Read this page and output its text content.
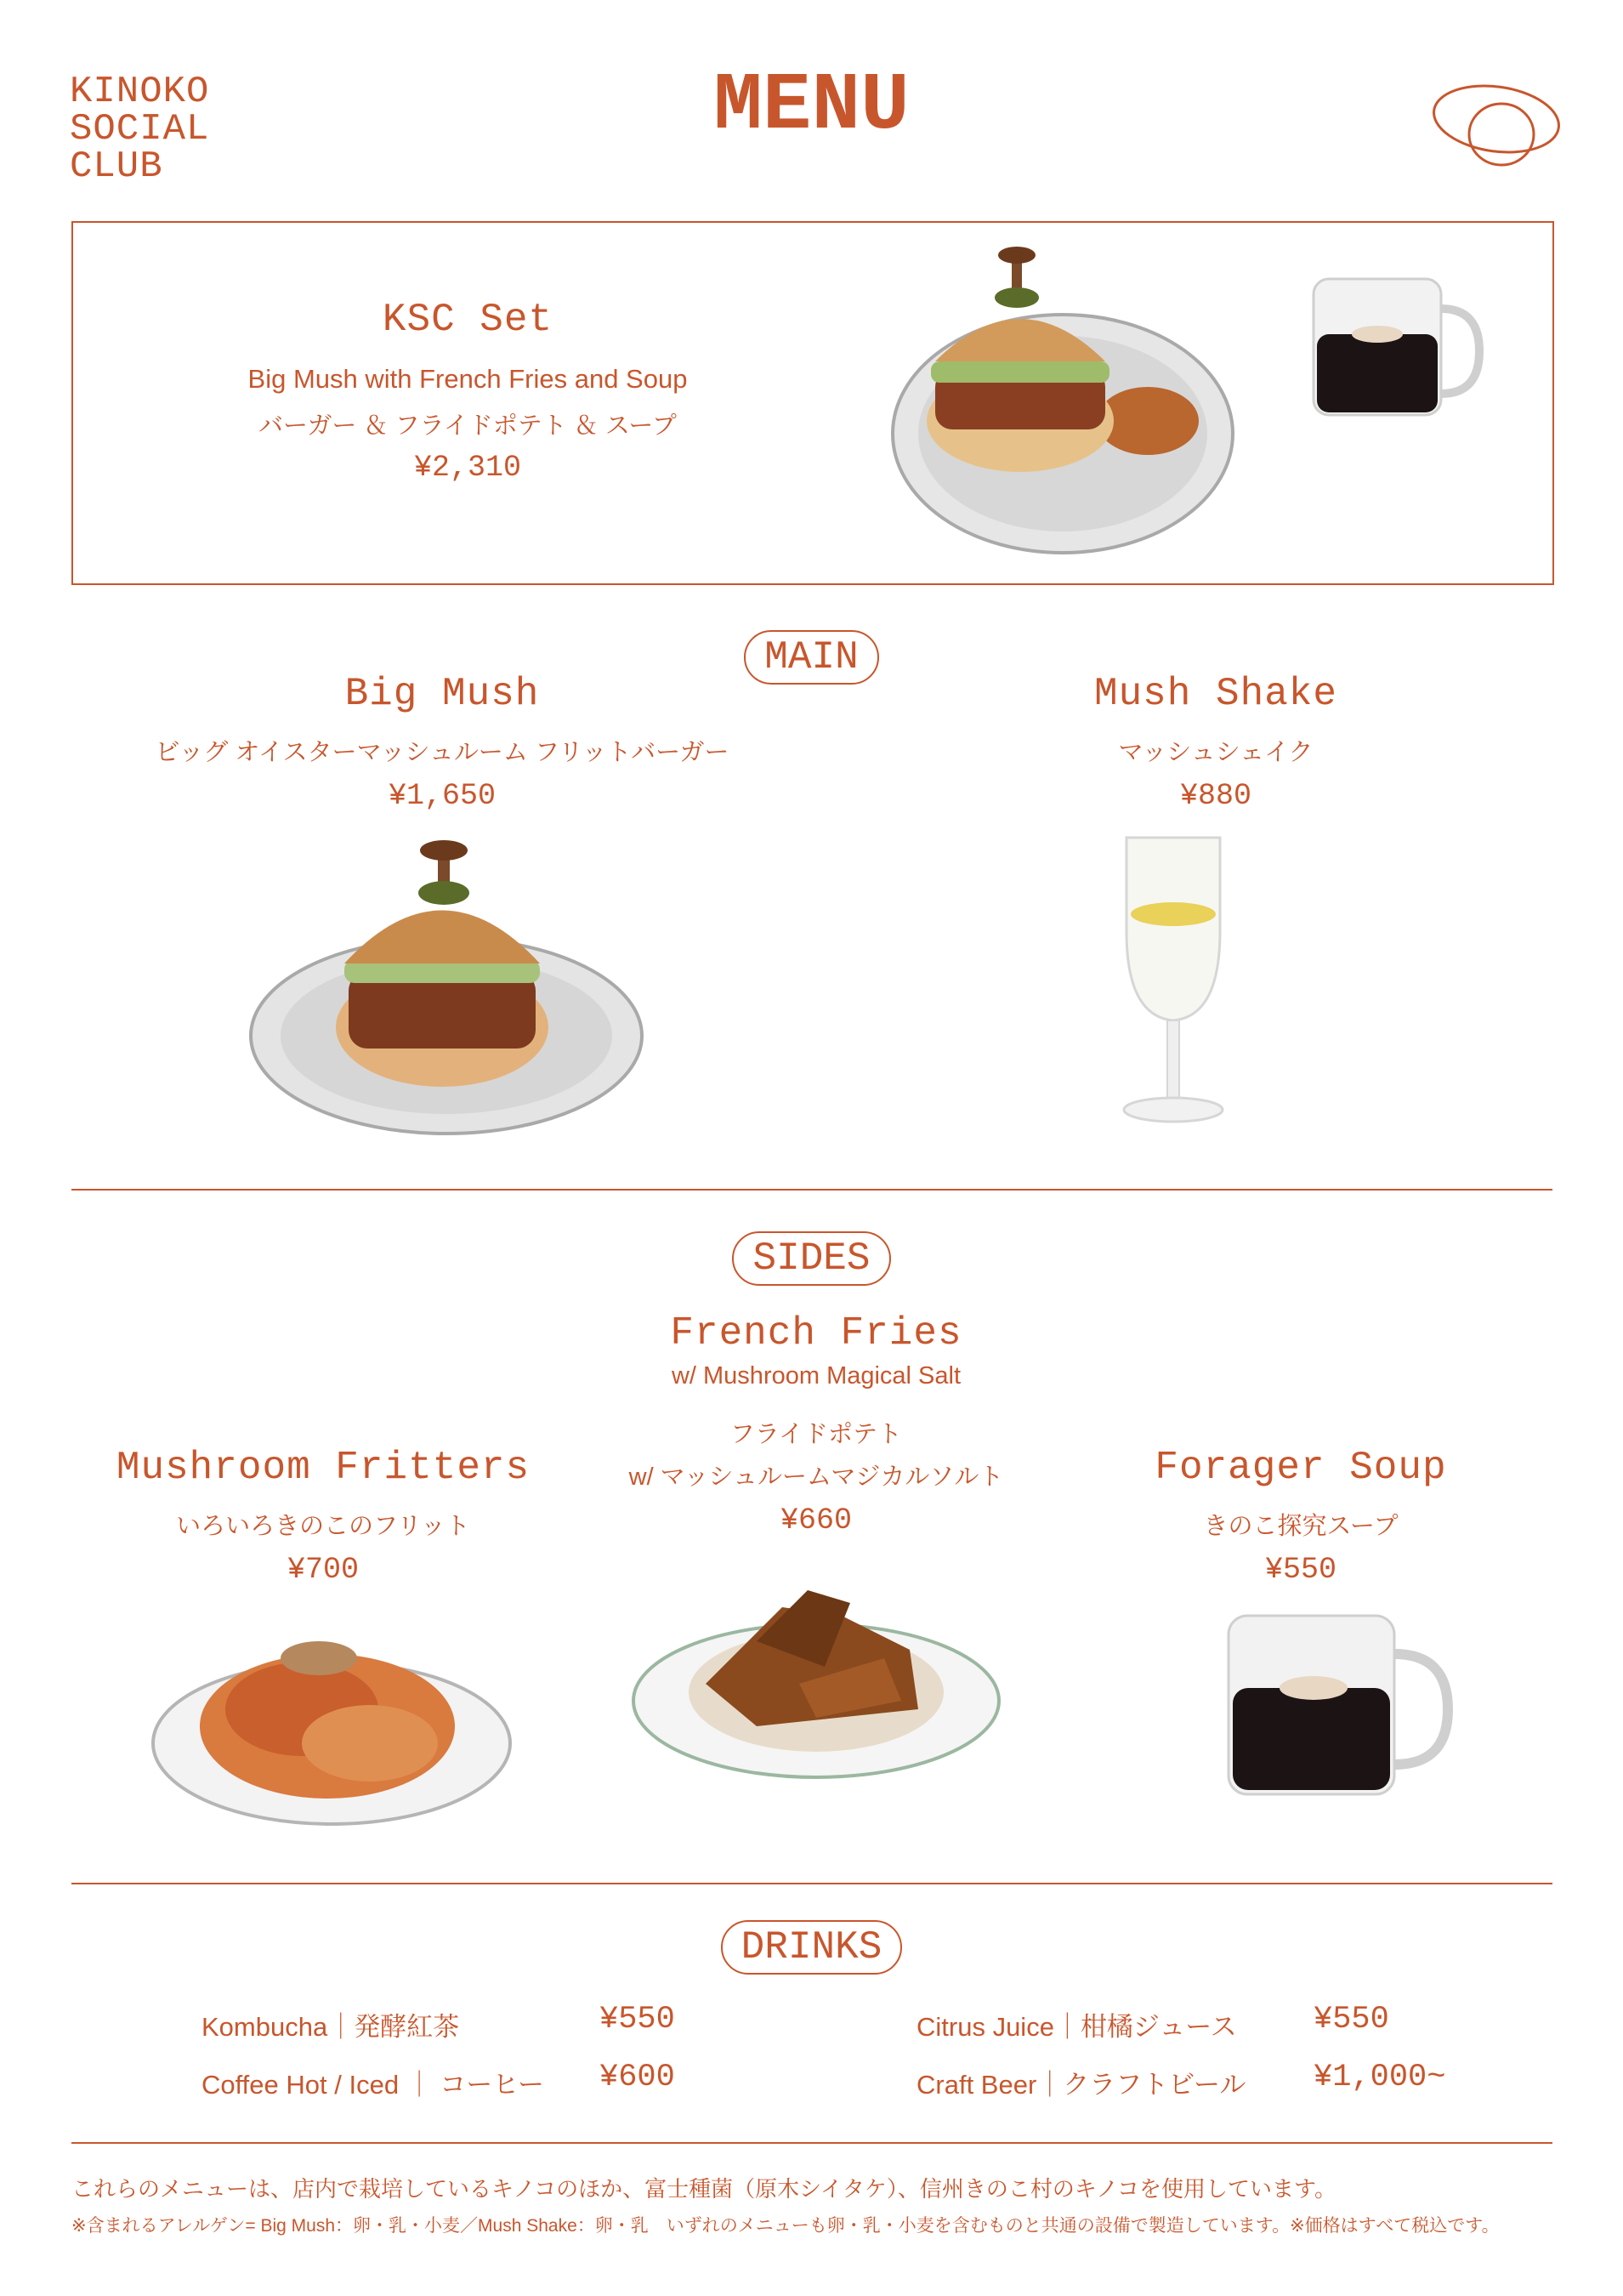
KINOKO
SOCIAL
CLUB
MENU
KSC Set
Big Mush with French Fries and Soup
バーガー ＆ フライドポテト ＆ スープ
¥2,310
MAIN
Big Mush
ビッグ オイスターマッシュルーム フリットバーガー
¥1,650
Mush Shake
マッシュシェイク
¥880
SIDES
Mushroom Fritters
いろいろきのこのフリット
¥700
French Fries
w/ Mushroom Magical Salt
フライドポテト
w/ マッシュルームマジカルソルト
¥660
Forager Soup
きのこ探究スープ
¥550
DRINKS
Kombucha｜発酵紅茶	¥550
Coffee Hot / Iced ｜ コーヒー ¥600
Citrus Juice｜柑橘ジュース ¥550
Craft Beer｜クラフトビール ¥1,000~
これらのメニューは、店内で栽培しているキノコのほか、富士種菌（原木シイタケ）、信州きのこ村のキノコを使用しています。
※含まれるアレルゲン= Big Mush：卵・乳・小麦／Mush Shake：卵・乳　いずれのメニューも卵・乳・小麦を含むものと共通の設備で製造しています。※価格はすべて税込です。
